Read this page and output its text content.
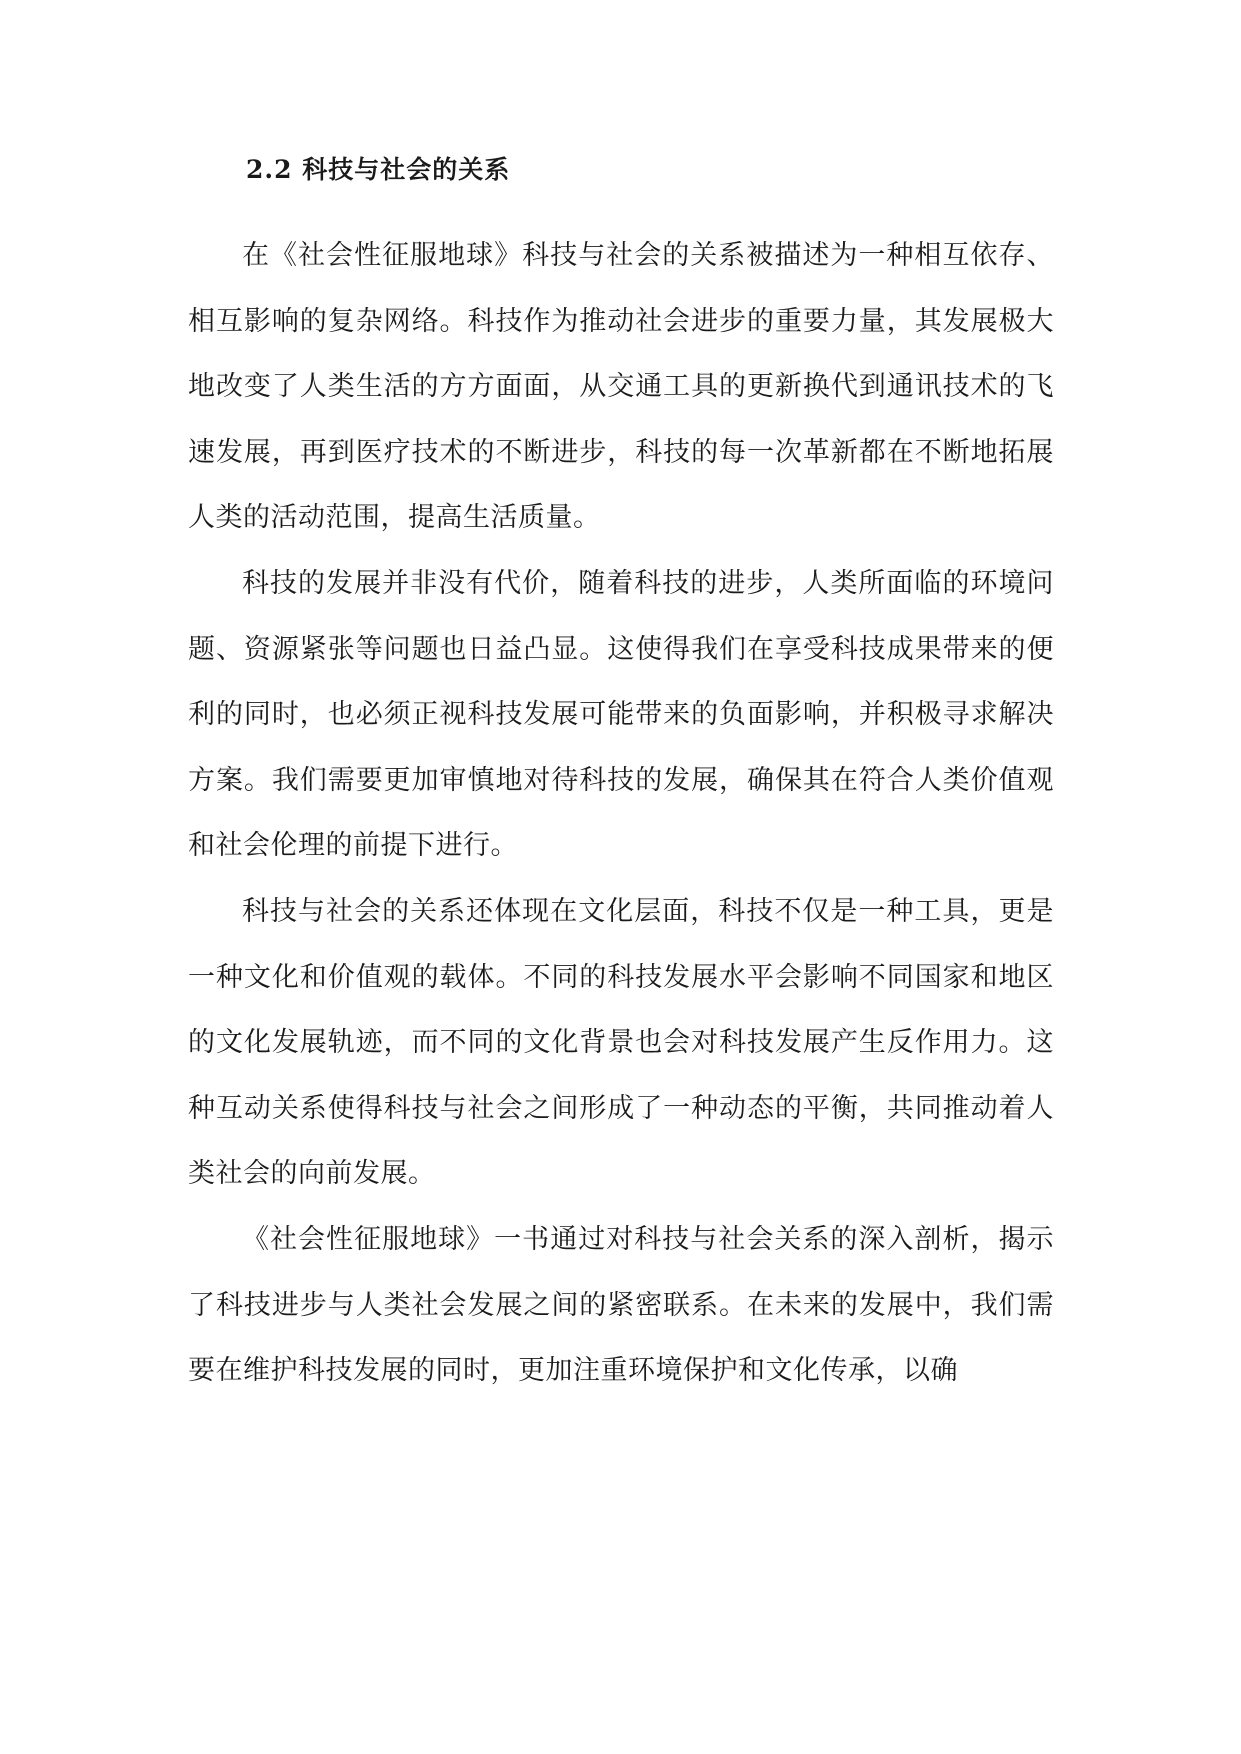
2.2 科技与社会的关系

在《社会性征服地球》科技与社会的关系被描述为一种相互依存、相互影响的复杂网络。科技作为推动社会进步的重要力量，其发展极大地改变了人类生活的方方面面，从交通工具的更新换代到通讯技术的飞速发展，再到医疗技术的不断进步，科技的每一次革新都在不断地拓展人类的活动范围，提高生活质量。

科技的发展并非没有代价，随着科技的进步，人类所面临的环境问题、资源紧张等问题也日益凸显。这使得我们在享受科技成果带来的便利的同时，也必须正视科技发展可能带来的负面影响，并积极寻求解决方案。我们需要更加审慎地对待科技的发展，确保其在符合人类价值观和社会伦理的前提下进行。

科技与社会的关系还体现在文化层面，科技不仅是一种工具，更是一种文化和价值观的载体。不同的科技发展水平会影响不同国家和地区的文化发展轨迹，而不同的文化背景也会对科技发展产生反作用力。这种互动关系使得科技与社会之间形成了一种动态的平衡，共同推动着人类社会的向前发展。

《社会性征服地球》一书通过对科技与社会关系的深入剖析，揭示了科技进步与人类社会发展之间的紧密联系。在未来的发展中，我们需要在维护科技发展的同时，更加注重环境保护和文化传承，以确
